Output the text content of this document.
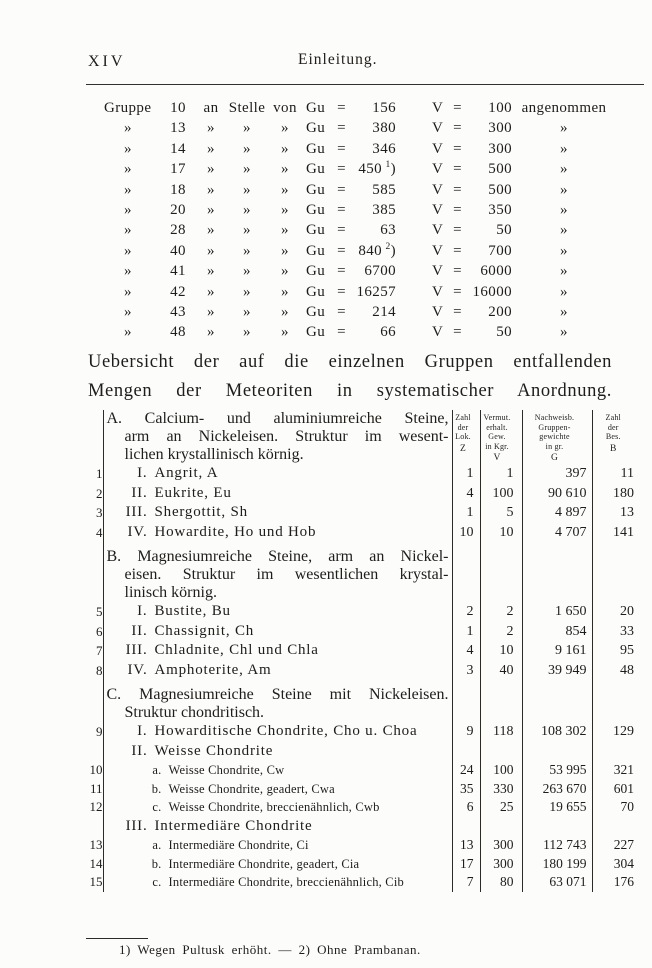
XIV	Einleitung.
Gruppe	10	an Stelle von Gu =	156 V =	100 angenommen
»	13	»	»	»	Gu =	380 V =	300	»
»	14	»	»	»	Gu =	346 V =	300	»
»	17	»	»	»	Gu = 450  $^1$) V =	500	»
»	18	»	»	»	Gu =	585 V =	500	»
»	20	»	»	»	Gu =	385 V =	350	»
»	28	»	»	»	Gu =	63 V =	50	»
»	40	»	»	»	Gu = 840  $^2$) V =	700	»
»	41	»	»	»	Gu =	6700 V =	6000	»
»	42	»	»	»	Gu = 16257 V = 16000	»
»	43	»	»	»	Gu =	214 V =	200	»
»	48	»	»	»	Gu =	66 V =	50	»
Uebersicht der auf die einzelnen Gruppen entfallenden
Mengen der Meteoriten in systematischer Anordnung.

A. Calcium- und aluminiumreiche Steine,
arm an Nickeleisen. Struktur im wesent-
lichen krystallinisch körnig.

Zahl
der
Lok.
Z

Vermut.
erhalt.
Gew.
in Kgr.
V

Nachweisb.
Gruppen-
gewichte
in gr.
G

Zahl
der
Bes.
B

1	I. Angrit, A	1	1	397	11
2	II. Eukrite, Eu	4	100	90 610	180
3	III. Shergottit, Sh	1	5	4 897	13
4	IV. Howardite, Ho und Hob	10	10	4 707	141

	B. Magnesiumreiche Steine, arm an Nickel-
eisen. Struktur im wesentlichen krystal-
linisch körnig.				

5	I. Bustite, Bu	2	2	1 650	20
6	II. Chassignit, Ch	1	2	854	33
7	III. Chladnite, Chl und Chla	4	10	9 161	95
8	IV. Amphoterite, Am	3	40	39 949	48

	C. Magnesiumreiche Steine mit Nickeleisen.
Struktur chondritisch.				

9	I. Howarditische Chondrite, Cho u. Choa	9	118	108 302	129
	II. Weisse Chondrite				
10	a. Weisse Chondrite, Cw	24	100	53 995	321
11	b. Weisse Chondrite, geadert, Cwa	35	330	263 670	601
12	c. Weisse Chondrite, breccienähnlich, Cwb	6	25	19 655	70
	III. Intermediäre Chondrite				
13	a. Intermediäre Chondrite, Ci	13	300	112 743	227
14	b. Intermediäre Chondrite, geadert, Cia	17	300	180 199	304
15	c. Intermediäre Chondrite, breccienähnlich, Cib	7	80	63 071	176
1) Wegen Pultusk erhöht. — 2) Ohne Prambanan.
